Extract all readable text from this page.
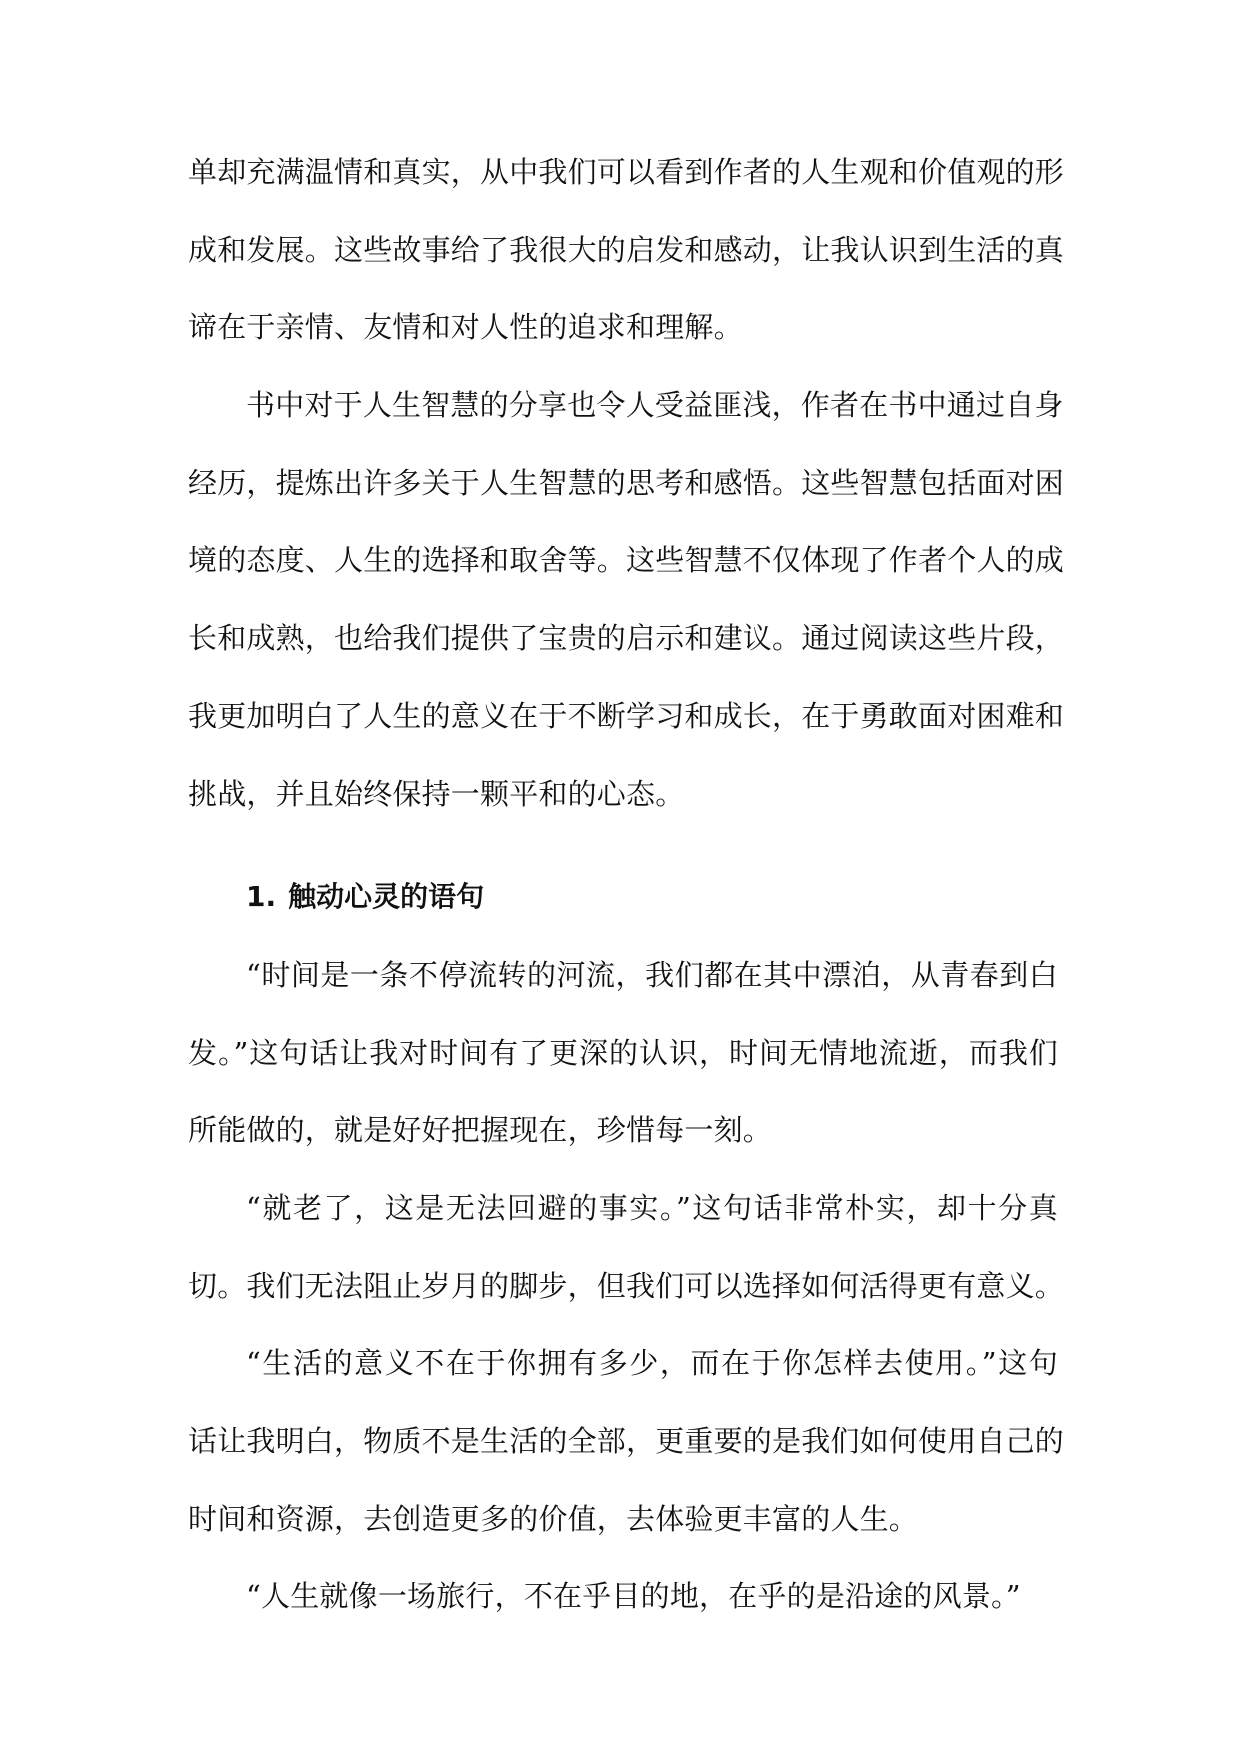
单却充满温情和真实，从中我们可以看到作者的人生观和价值观的形
成和发展。这些故事给了我很大的启发和感动，让我认识到生活的真
谛在于亲情、友情和对人性的追求和理解。
书中对于人生智慧的分享也令人受益匪浅，作者在书中通过自身
经历，提炼出许多关于人生智慧的思考和感悟。这些智慧包括面对困
境的态度、人生的选择和取舍等。这些智慧不仅体现了作者个人的成
长和成熟，也给我们提供了宝贵的启示和建议。通过阅读这些片段，
我更加明白了人生的意义在于不断学习和成长，在于勇敢面对困难和
挑战，并且始终保持一颗平和的心态。
1. 触动心灵的语句
“时间是一条不停流转的河流，我们都在其中漂泊，从青春到白
发。”这句话让我对时间有了更深的认识，时间无情地流逝，而我们
所能做的，就是好好把握现在，珍惜每一刻。
“就老了，这是无法回避的事实。”这句话非常朴实，却十分真
切。我们无法阻止岁月的脚步，但我们可以选择如何活得更有意义。
“生活的意义不在于你拥有多少，而在于你怎样去使用。”这句
话让我明白，物质不是生活的全部，更重要的是我们如何使用自己的
时间和资源，去创造更多的价值，去体验更丰富的人生。
“人生就像一场旅行，不在乎目的地，在乎的是沿途的风景。”
